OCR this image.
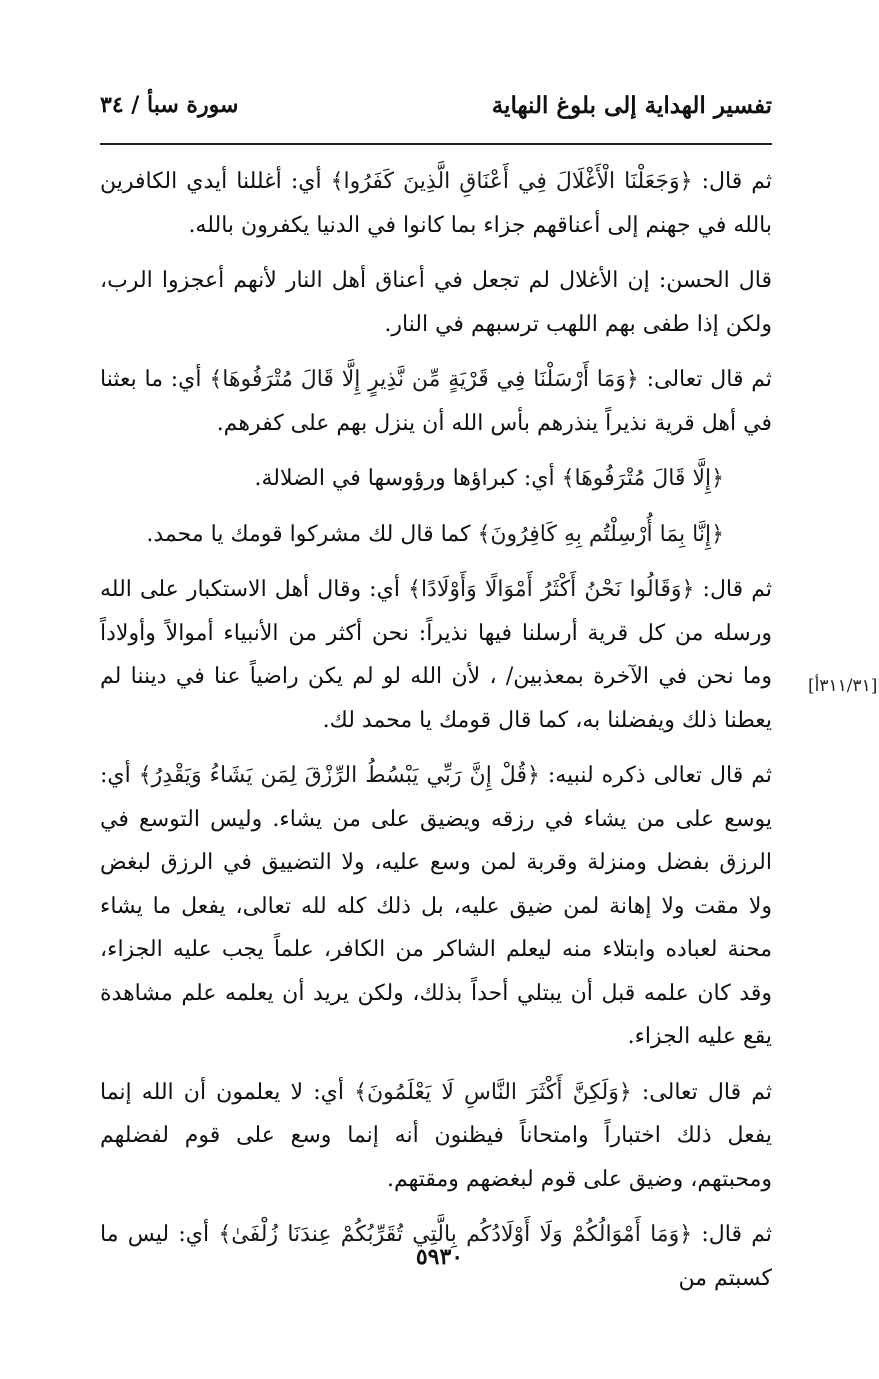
تفسير الهداية إلى بلوغ النهاية
سورة سبأ / ٣٤

ثم قال: ﴿وَجَعَلْنَا الْأَغْلَالَ فِي أَعْنَاقِ الَّذِينَ كَفَرُوا﴾ أي: أغللنا أيدي الكافرين بالله في جهنم إلى أعناقهم جزاء بما كانوا في الدنيا يكفرون بالله.

قال الحسن: إن الأغلال لم تجعل في أعناق أهل النار لأنهم أعجزوا الرب، ولكن إذا طفى بهم اللهب ترسبهم في النار.

ثم قال تعالى: ﴿وَمَا أَرْسَلْنَا فِي قَرْيَةٍ مِّن نَّذِيرٍ إِلَّا قَالَ مُتْرَفُوهَا﴾ أي: ما بعثنا في أهل قرية نذيراً ينذرهم بأس الله أن ينزل بهم على كفرهم.

﴿إِلَّا قَالَ مُتْرَفُوهَا﴾ أي: كبراؤها ورؤوسها في الضلالة.

﴿إِنَّا بِمَا أُرْسِلْتُم بِهِ كَافِرُونَ﴾ كما قال لك مشركوا قومك يا محمد.

ثم قال: ﴿وَقَالُوا نَحْنُ أَكْثَرُ أَمْوَالًا وَأَوْلَادًا﴾ أي: وقال أهل الاستكبار على الله ورسله من كل قرية أرسلنا فيها نذيراً: نحن أكثر من الأنبياء أموالاً وأولاداً وما نحن في الآخرة بمعذبين/ ، لأن الله لو لم يكن راضياً عنا في ديننا لم يعطنا ذلك ويفضلنا به، كما قال قومك يا محمد لك.

ثم قال تعالى ذكره لنبيه: ﴿قُلْ إِنَّ رَبِّي يَبْسُطُ الرِّزْقَ لِمَن يَشَاءُ وَيَقْدِرُ﴾ أي: يوسع على من يشاء في رزقه ويضيق على من يشاء. وليس التوسع في الرزق بفضل ومنزلة وقربة لمن وسع عليه، ولا التضييق في الرزق لبغض ولا مقت ولا إهانة لمن ضيق عليه، بل ذلك كله لله تعالى، يفعل ما يشاء محنة لعباده وابتلاء منه ليعلم الشاكر من الكافر، علماً يجب عليه الجزاء، وقد كان علمه قبل أن يبتلي أحداً بذلك، ولكن يريد أن يعلمه علم مشاهدة يقع عليه الجزاء.

ثم قال تعالى: ﴿وَلَكِنَّ أَكْثَرَ النَّاسِ لَا يَعْلَمُونَ﴾ أي: لا يعلمون أن الله إنما يفعل ذلك اختباراً وامتحاناً فيظنون أنه إنما وسع على قوم لفضلهم ومحبتهم، وضيق على قوم لبغضهم ومقتهم.

ثم قال: ﴿وَمَا أَمْوَالُكُمْ وَلَا أَوْلَادُكُم بِالَّتِي تُقَرِّبُكُمْ عِندَنَا زُلْفَىٰ﴾ أي: ليس ما كسبتم من

[٣١١/٣١أ]
٥٩٣٠
